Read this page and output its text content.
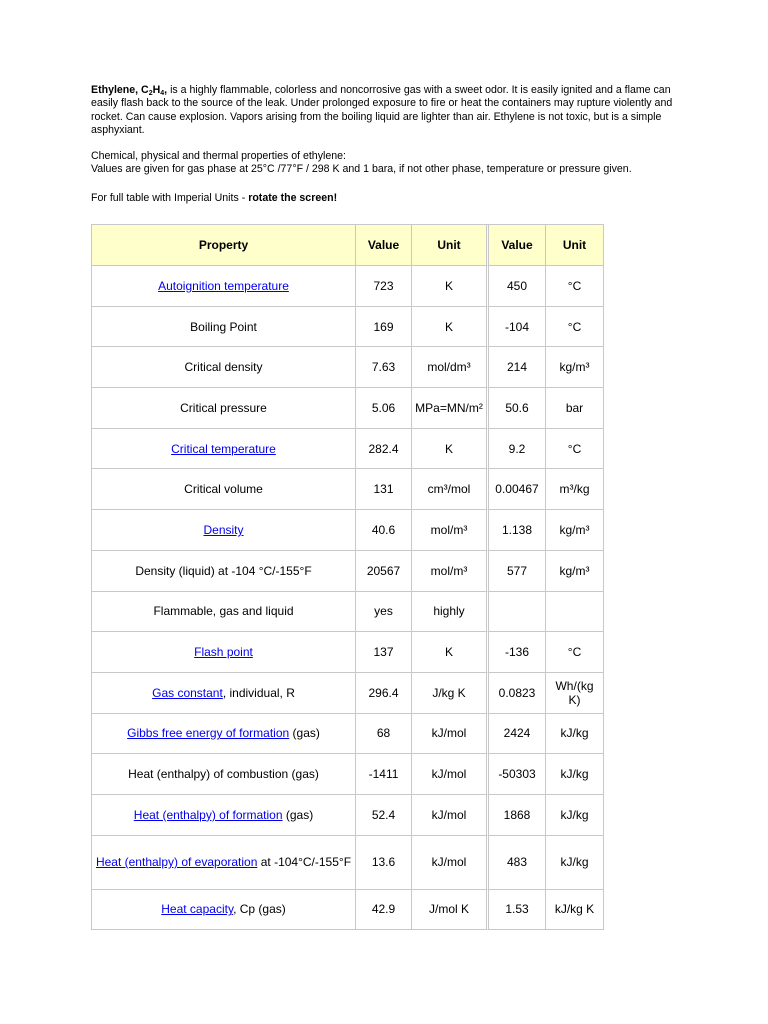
Ethylene, $C_2H_4$, is a highly flammable, colorless and noncorrosive gas with a sweet odor. It is easily ignited and a flame can easily flash back to the source of the leak. Under prolonged exposure to fire or heat the containers may rupture violently and rocket. Can cause explosion. Vapors arising from the boiling liquid are lighter than air. Ethylene is not toxic, but is a simple asphyxiant.

Chemical, physical and thermal properties of ethylene:
Values are given for gas phase at 25°C /77°F / 298 K and 1 bara, if not other phase, temperature or pressure given.

For full table with Imperial Units - rotate the screen!

Property	Value	Unit	Value	Unit
Autoignition temperature	723	K	450	°C
Boiling Point	169	K	-104	°C
Critical density	7.63	mol/dm³	214	kg/m³
Critical pressure	5.06	MPa=MN/m²	50.6	bar
Critical temperature	282.4	K	9.2	°C
Critical volume	131	cm³/mol	0.00467	m³/kg
Density	40.6	mol/m³	1.138	kg/m³
Density (liquid) at -104 °C/-155°F	20567	mol/m³	577	kg/m³
Flammable, gas and liquid	yes	highly		
Flash point	137	K	-136	°C
Gas constant, individual, R	296.4	J/kg K	0.0823	Wh/(kg K)
Gibbs free energy of formation (gas)	68	kJ/mol	2424	kJ/kg
Heat (enthalpy) of combustion (gas)	-1411	kJ/mol	-50303	kJ/kg
Heat (enthalpy) of formation (gas)	52.4	kJ/mol	1868	kJ/kg
Heat (enthalpy) of evaporation at -104°C/-155°F	13.6	kJ/mol	483	kJ/kg
Heat capacity, Cp (gas)	42.9	J/mol K	1.53	kJ/kg K
